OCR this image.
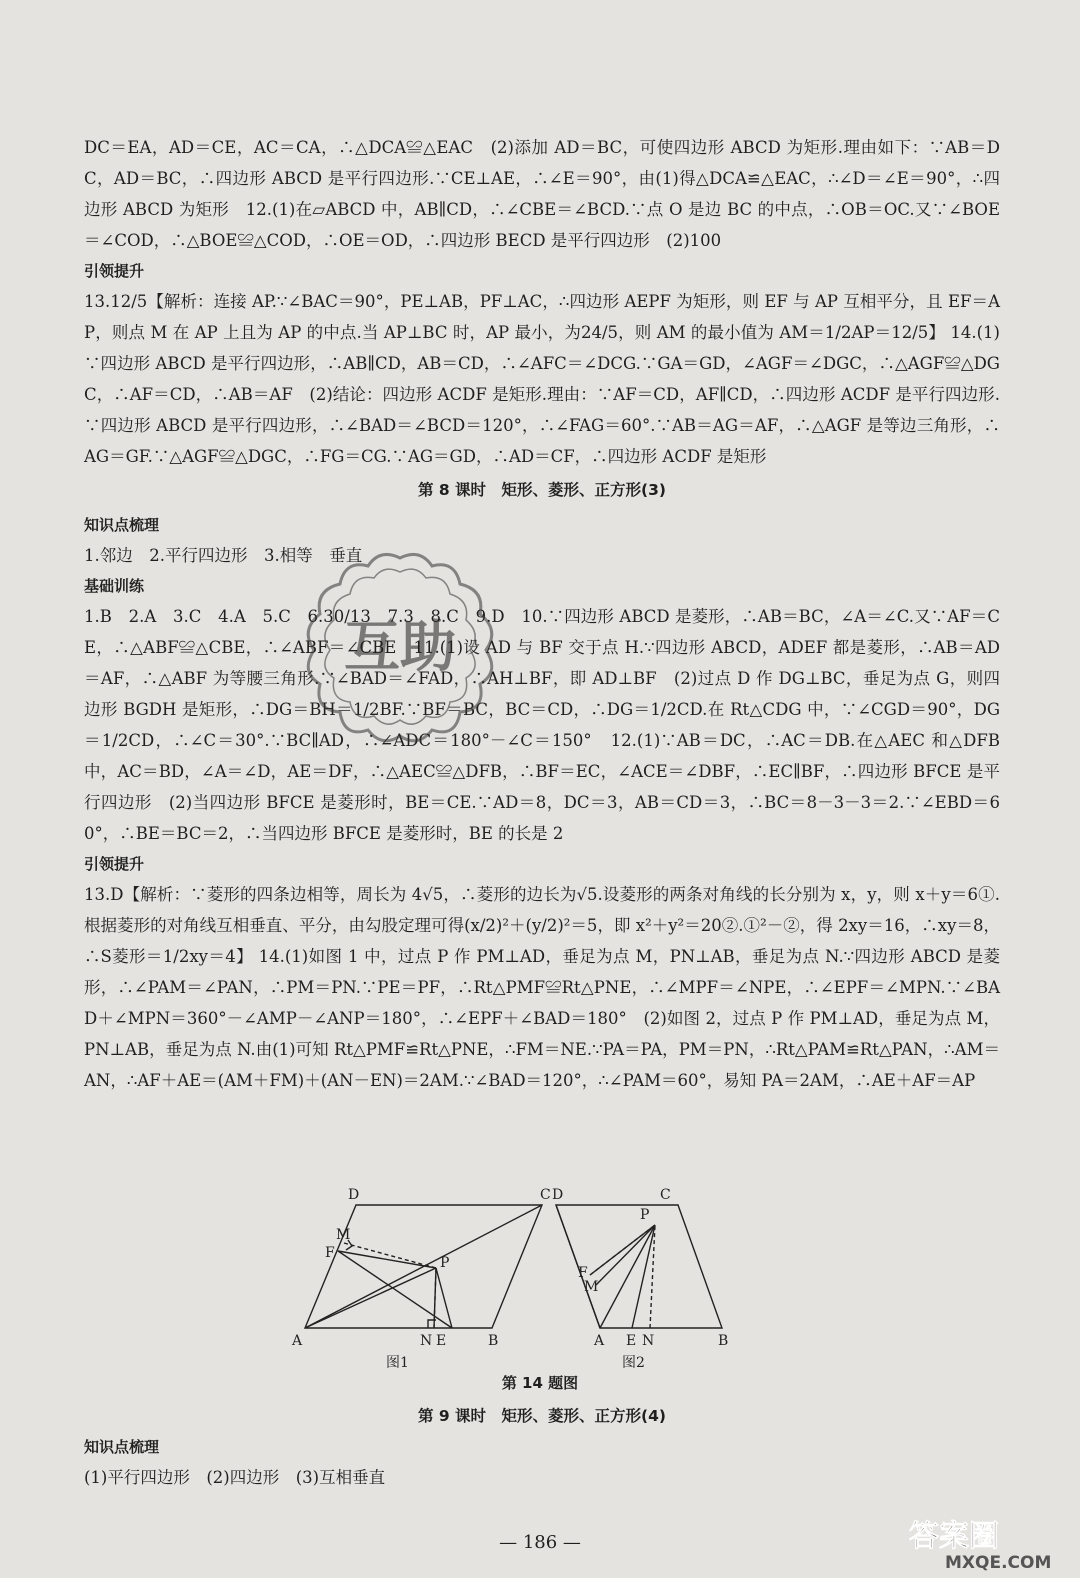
DC＝EA，AD＝CE，AC＝CA，∴△DCA≌△EAC　(2)添加 AD＝BC，可使四边形 ABCD 为矩形.理由如下：∵AB＝DC，AD＝BC，∴四边形 ABCD 是平行四边形.∵CE⊥AE，∴∠E＝90°，由(1)得△DCA≌△EAC，∴∠D＝∠E＝90°，∴四边形 ABCD 为矩形　12.(1)在▱ABCD 中，AB∥CD，∴∠CBE＝∠BCD.∵点 O 是边 BC 的中点，∴OB＝OC.又∵∠BOE＝∠COD，∴△BOE≌△COD，∴OE＝OD，∴四边形 BECD 是平行四边形　(2)100

引领提升

13.12/5【解析：连接 AP.∵∠BAC＝90°，PE⊥AB，PF⊥AC，∴四边形 AEPF 为矩形，则 EF 与 AP 互相平分，且 EF＝AP，则点 M 在 AP 上且为 AP 的中点.当 AP⊥BC 时，AP 最小，为24/5，则 AM 的最小值为 AM＝1/2AP＝12/5】 14.(1)∵四边形 ABCD 是平行四边形，∴AB∥CD，AB＝CD，∴∠AFC＝∠DCG.∵GA＝GD，∠AGF＝∠DGC，∴△AGF≌△DGC，∴AF＝CD，∴AB＝AF　(2)结论：四边形 ACDF 是矩形.理由：∵AF＝CD，AF∥CD，∴四边形 ACDF 是平行四边形.∵四边形 ABCD 是平行四边形，∴∠BAD＝∠BCD＝120°，∴∠FAG＝60°.∵AB＝AG＝AF，∴△AGF 是等边三角形，∴AG＝GF.∵△AGF≌△DGC，∴FG＝CG.∵AG＝GD，∴AD＝CF，∴四边形 ACDF 是矩形

第 8 课时　矩形、菱形、正方形(3)

知识点梳理

1.邻边　2.平行四边形　3.相等　垂直

基础训练

1.B　2.A　3.C　4.A　5.C　6.30/13　7.3　8.C　9.D　10.∵四边形 ABCD 是菱形，∴AB＝BC，∠A＝∠C.又∵AF＝CE，∴△ABF≌△CBE，∴∠ABF＝∠CBE　11.(1)设 AD 与 BF 交于点 H.∵四边形 ABCD，ADEF 都是菱形，∴AB＝AD＝AF，∴△ABF 为等腰三角形.∵∠BAD＝∠FAD，∴AH⊥BF，即 AD⊥BF　(2)过点 D 作 DG⊥BC，垂足为点 G，则四边形 BGDH 是矩形，∴DG＝BH＝1/2BF.∵BF＝BC，BC＝CD，∴DG＝1/2CD.在 Rt△CDG 中，∵∠CGD＝90°，DG＝1/2CD，∴∠C＝30°.∵BC∥AD，∴∠ADC＝180°－∠C＝150°　12.(1)∵AB＝DC，∴AC＝DB.在△AEC 和△DFB 中，AC＝BD，∠A＝∠D，AE＝DF，∴△AEC≌△DFB，∴BF＝EC，∠ACE＝∠DBF，∴EC∥BF，∴四边形 BFCE 是平行四边形　(2)当四边形 BFCE 是菱形时，BE＝CE.∵AD＝8，DC＝3，AB＝CD＝3，∴BC＝8－3－3＝2.∵∠EBD＝60°，∴BE＝BC＝2，∴当四边形 BFCE 是菱形时，BE 的长是 2

引领提升

13.D【解析：∵菱形的四条边相等，周长为 4√5，∴菱形的边长为√5.设菱形的两条对角线的长分别为 x，y，则 x＋y＝6①.根据菱形的对角线互相垂直、平分，由勾股定理可得(x/2)²＋(y/2)²＝5，即 x²＋y²＝20②.①²－②，得 2xy＝16，∴xy＝8，∴S菱形＝1/2xy＝4】 14.(1)如图 1 中，过点 P 作 PM⊥AD，垂足为点 M，PN⊥AB，垂足为点 N.∵四边形 ABCD 是菱形，∴∠PAM＝∠PAN，∴PM＝PN.∵PE＝PF，∴Rt△PMF≌Rt△PNE，∴∠MPF＝∠NPE，∴∠EPF＝∠MPN.∵∠BAD＋∠MPN＝360°－∠AMP－∠ANP＝180°，∴∠EPF＋∠BAD＝180°　(2)如图 2，过点 P 作 PM⊥AD，垂足为点 M，PN⊥AB，垂足为点 N.由(1)可知 Rt△PMF≌Rt△PNE，∴FM＝NE.∵PA＝PA，PM＝PN，∴Rt△PAM≌Rt△PAN，∴AM＝AN，∴AF＋AE＝(AM＋FM)＋(AN－EN)＝2AM.∵∠BAD＝120°，∴∠PAM＝60°，易知 PA＝2AM，∴AE＋AF＝AP

互助
D	C
M
F
P
A	N E	B
图1
D	C
P
F
M
A E N	B
图2
第 14 题图

第 9 课时　矩形、菱形、正方形(4)

知识点梳理

(1)平行四边形　(2)四边形　(3)互相垂直

— 186 —	答案圈
MXQE.COM
